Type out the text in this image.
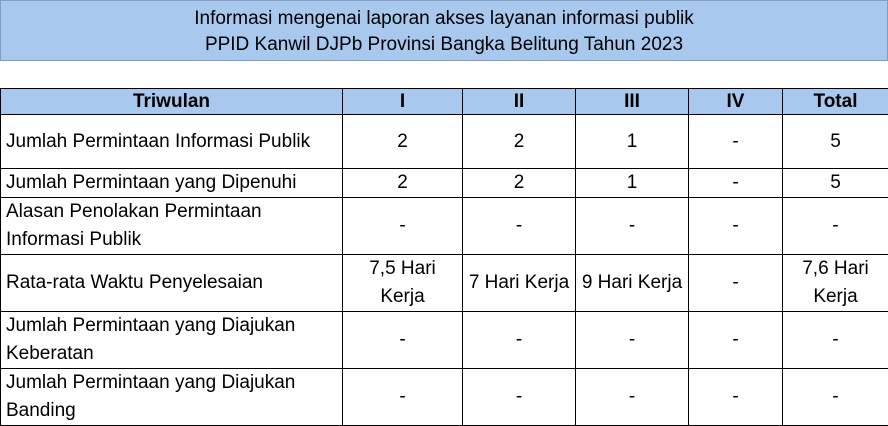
Informasi mengenai laporan akses layanan informasi publik
PPID Kanwil DJPb Provinsi Bangka Belitung Tahun 2023
Triwulan	I	II	III	IV	Total
Jumlah Permintaan Informasi Publik	2	2	1	-	5
Jumlah Permintaan yang Dipenuhi	2	2	1	-	5
Alasan Penolakan Permintaan Informasi Publik	-	-	-	-	-
Rata-rata Waktu Penyelesaian	7,5 Hari Kerja	7 Hari Kerja	9 Hari Kerja	-	7,6 Hari Kerja
Jumlah Permintaan yang Diajukan Keberatan	-	-	-	-	-
Jumlah Permintaan yang Diajukan Banding	-	-	-	-	-
